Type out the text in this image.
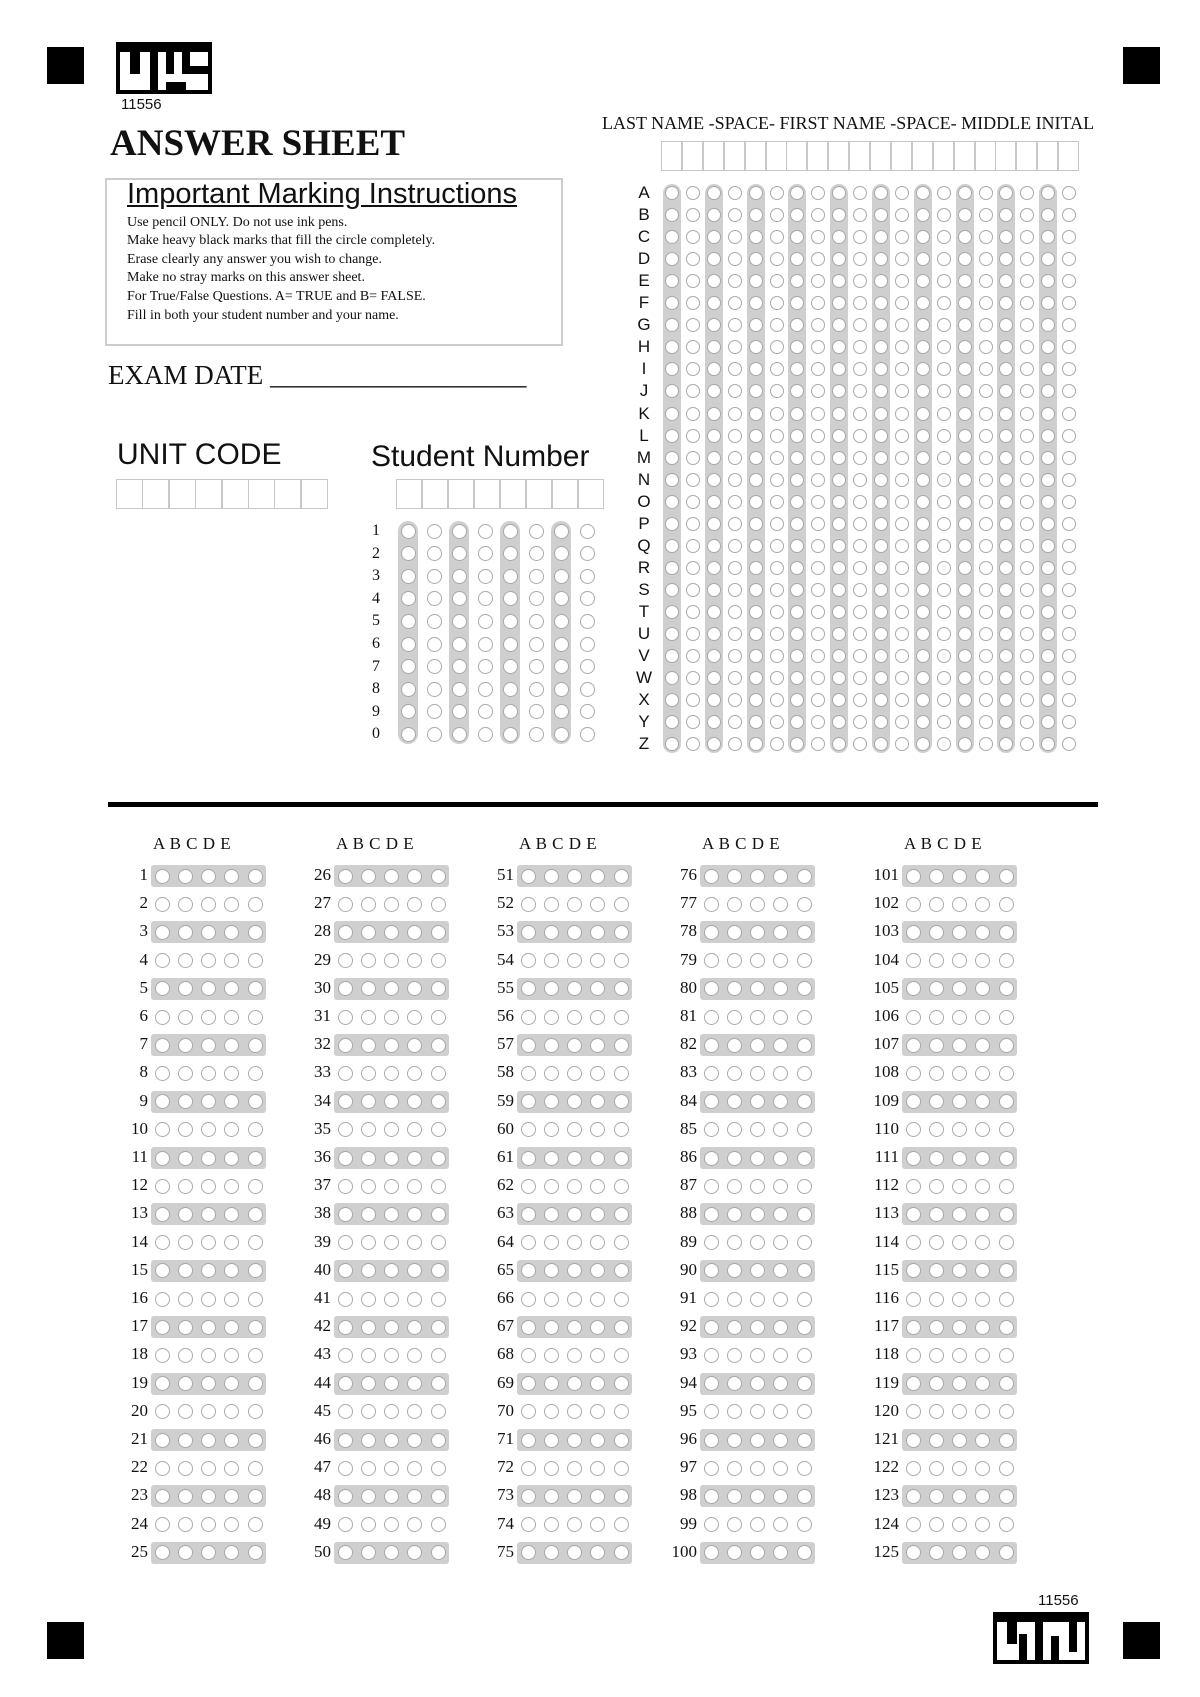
11556
ANSWER SHEET	LAST NAME -SPACE- FIRST NAME -SPACE- MIDDLE INITAL
Important Marking Instructions
Use pencil ONLY. Do not use ink pens.
Make heavy black marks that fill the circle completely.
Erase clearly any answer you wish to change.
Make no stray marks on this answer sheet.
For True/False Questions. A= TRUE and B= FALSE.
Fill in both your student number and your name.
EXAM DATE ___________________
UNIT CODE	Student Number
1
2
3
4
5
6
7
8
9
0
A
B
C
D
E
F
G
H
I
J
K
L
M
N
O
P
Q
R
S
T
U
V
W
X
Y
Z
A B C D E
1
2
3
4
5
6
7
8
9
10
11
12
13
14
15
16
17
18
19
20
21
22
23
24
25
A B C D E
26
27
28
29
30
31
32
33
34
35
36
37
38
39
40
41
42
43
44
45
46
47
48
49
50
A B C D E
51
52
53
54
55
56
57
58
59
60
61
62
63
64
65
66
67
68
69
70
71
72
73
74
75
A B C D E
76
77
78
79
80
81
82
83
84
85
86
87
88
89
90
91
92
93
94
95
96
97
98
99
100
A B C D E
101
102
103
104
105
106
107
108
109
110
111
112
113
114
115
116
117
118
119
120
121
122
123
124
125
11556
